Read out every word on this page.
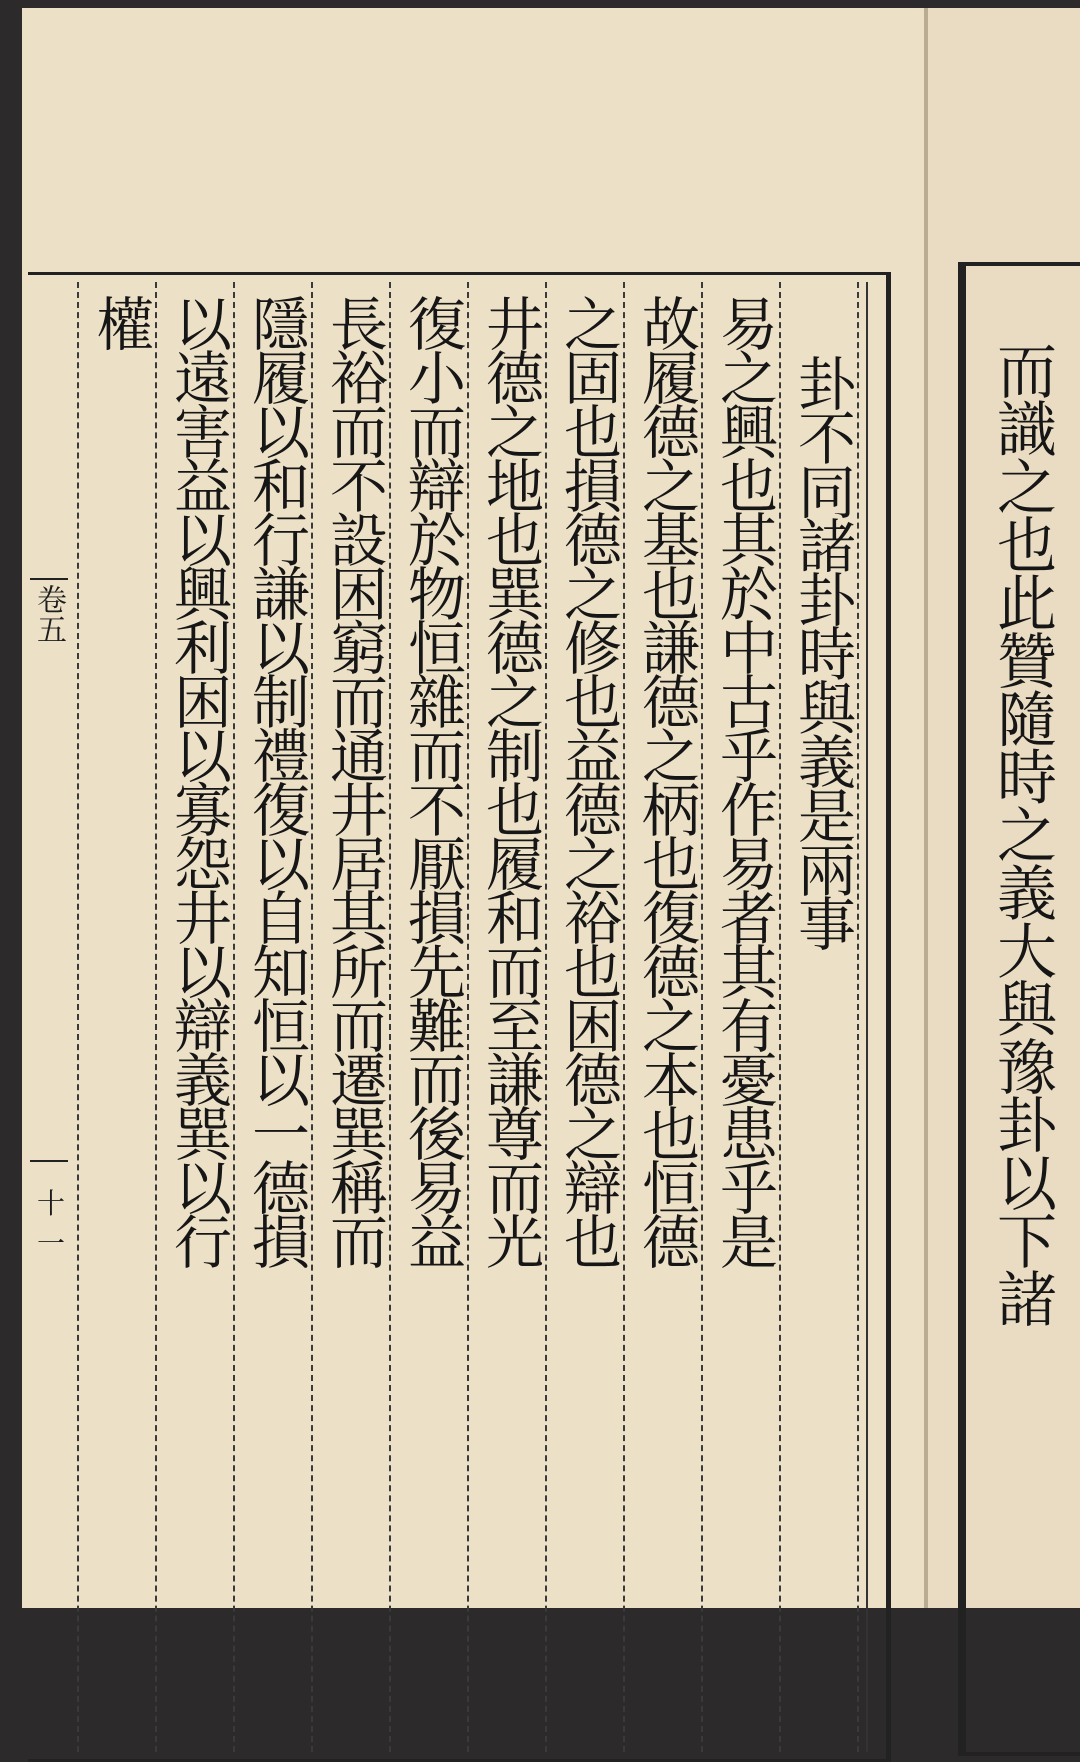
卦不同諸卦時與義是兩事
易之興也其於中古乎作易者其有憂患乎是
故履德之基也謙德之柄也復德之本也恒德
之固也損德之修也益德之裕也困德之辯也
井德之地也巽德之制也履和而至謙尊而光
復小而辯於物恒雜而不厭損先難而後易益
長裕而不設困窮而通井居其所而遷巽稱而
隱履以和行謙以制禮復以自知恒以一德損
以遠害益以興利困以寡怨井以辯義巽以行
權
卷五
十一	而識之也此贊隨時之義大與豫卦以下諸
